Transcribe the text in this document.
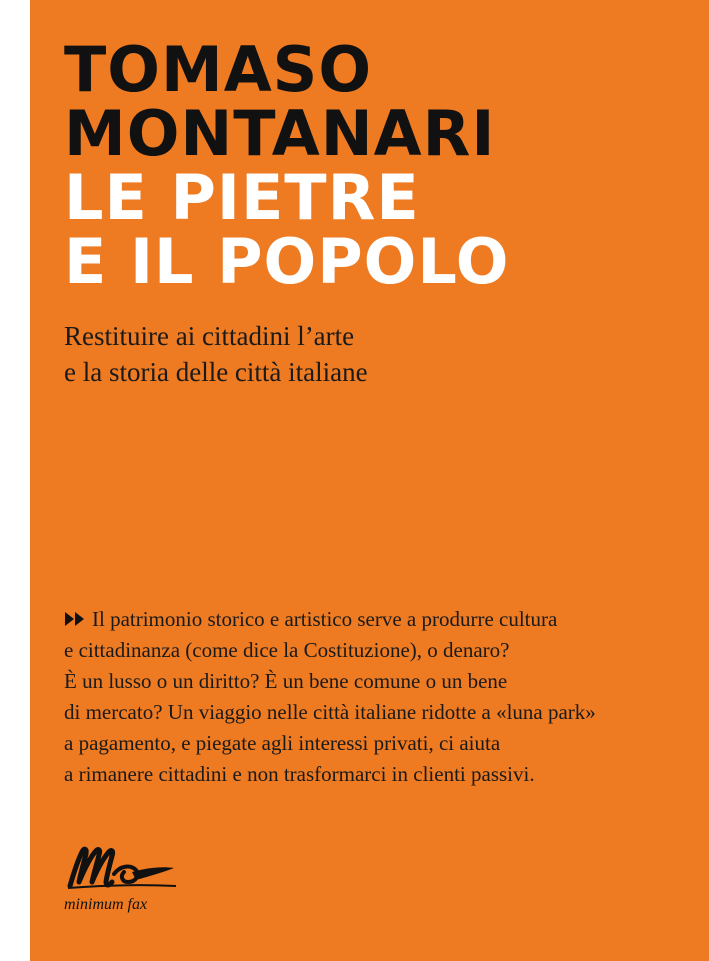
TOMASO
MONTANARI
LE PIETRE
E IL POPOLO

Restituire ai cittadini l’arte
e la storia delle città italiane

Il patrimonio storico e artistico serve a produrre cultura
e cittadinanza (come dice la Costituzione), o denaro?
È un lusso o un diritto? È un bene comune o un bene
di mercato? Un viaggio nelle città italiane ridotte a «luna park»
a pagamento, e piegate agli interessi privati, ci aiuta
a rimanere cittadini e non trasformarci in clienti passivi.
minimum fax
